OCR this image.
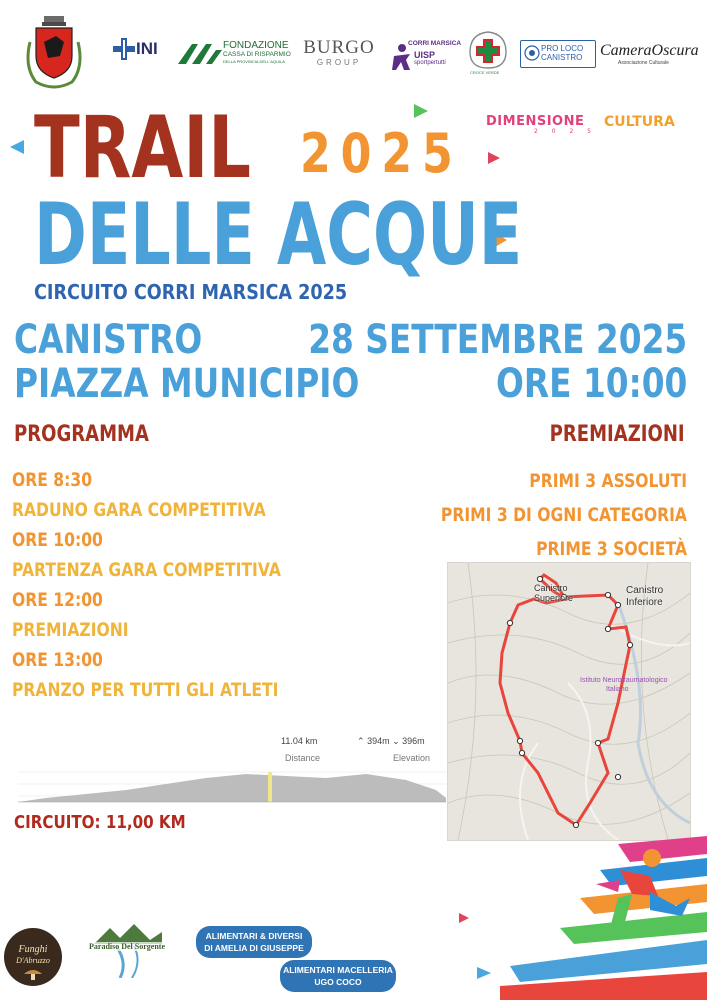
INI	FONDAZIONE
CASSA DI RISPARMIO
DELLA PROVINCIA DELL'AQUILA
BURGO
GROUP
CORRI MARSICA
UISP
sportpertutti
CROCE VERDE
PRO LOCO CANISTRO	CameraOscura
Associazione Culturale
DIMENSIONE CULTURA
2 0 2 5
TRAIL 2025
DELLE ACQUE
CIRCUITO CORRI MARSICA 2025
CANISTRO
PIAZZA MUNICIPIO
28 SETTEMBRE 2025
ORE 10:00
PROGRAMMA
ORE 8:30
RADUNO GARA COMPETITIVA
ORE 10:00
PARTENZA GARA COMPETITIVA
ORE 12:00
PREMIAZIONI
ORE 13:00
PRANZO PER TUTTI GLI ATLETI
PREMIAZIONI
PRIMI 3 ASSOLUTI
PRIMI 3 DI OGNI CATEGORIA
PRIME 3 SOCIETÀ
Canistro
Superiore
Canistro
Inferiore
Istituto Neurotraumatologico
Italiano
11.04 km
Distance
⌃ 394m ⌄ 396m
Elevation
CIRCUITO: 11,00 KM
Funghi
D'Abruzzo
Paradiso Del Sorgente
ALIMENTARI & DIVERSI
DI AMELIA DI GIUSEPPE
ALIMENTARI MACELLERIA
UGO COCO
